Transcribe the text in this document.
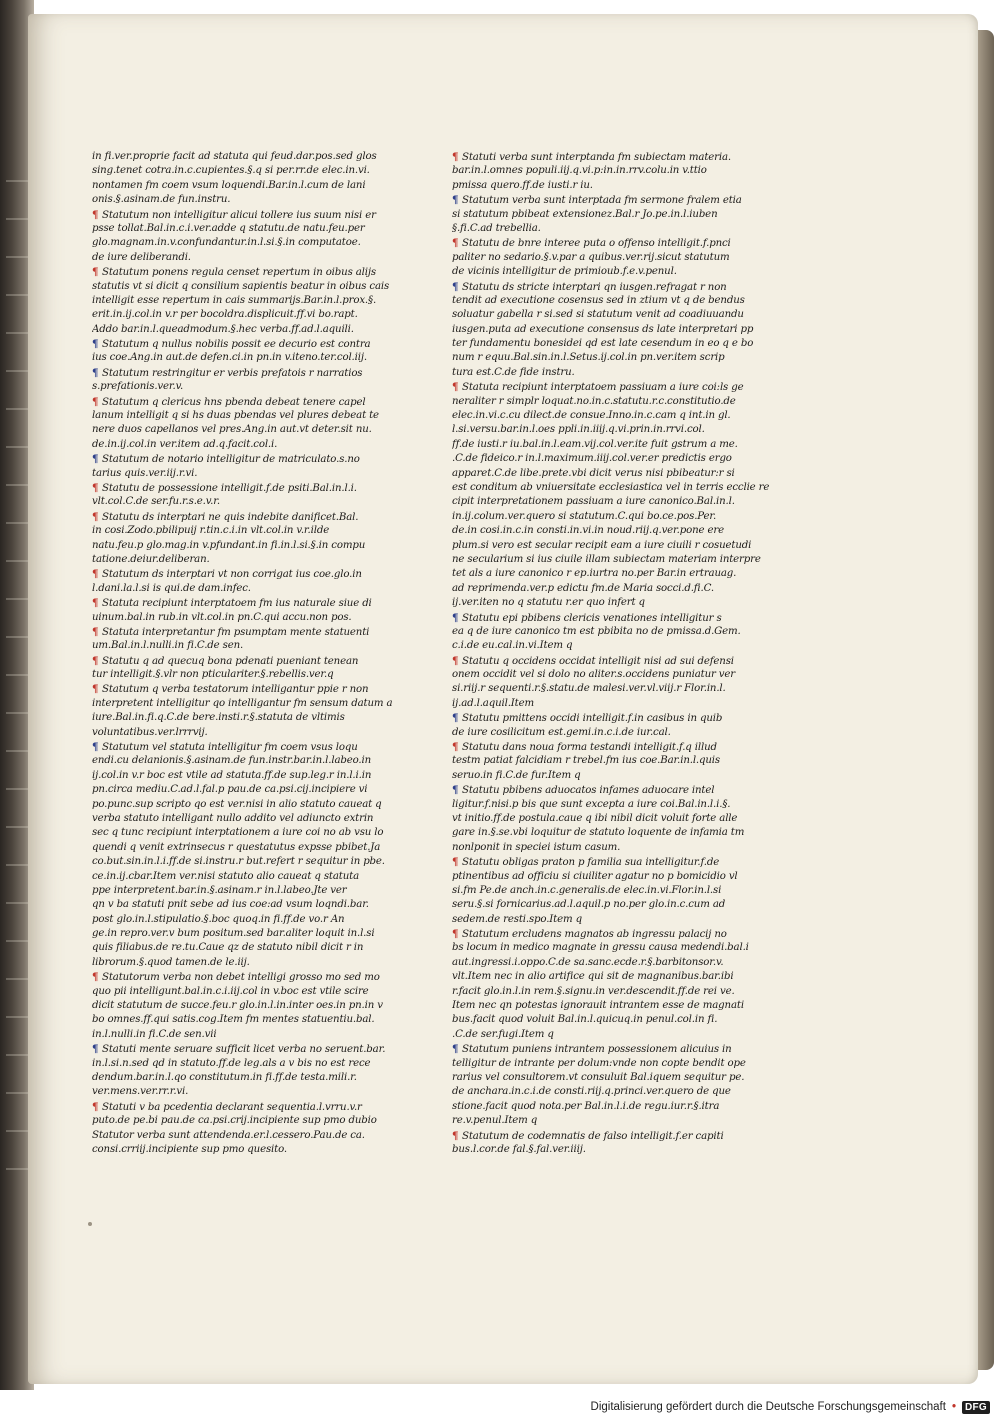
in fi.ver.proprie facit ad statuta qui feud.dar.pos.sed glos
sing.tenet cotra.in.c.cupientes.§.q si per.rr.de elec.in.vi.
nontamen fm coem vsum loquendi.Bar.in.l.cum de lani
onis.§.asinam.de fun.instru.
¶ Statutum non intelligitur alicui tollere ius suum nisi er
psse tollat.Bal.in.c.i.ver.adde q statutu.de natu.feu.per
glo.magnam.in.v.confundantur.in.l.si.§.in computatoe.
de iure deliberandi.
¶ Statutum ponens regula censet repertum in oibus alijs
statutis vt si dicit q consilium sapientis beatur in oibus cais
intelligit esse repertum in cais summarijs.Bar.in.l.prox.§.
erit.in.ij.col.in v.r per bocoldra.displicuit.ff.vi bo.rapt.
Addo bar.in.l.queadmodum.§.hec verba.ff.ad.l.aquili.
¶ Statutum q nullus nobilis possit ee decurio est contra
ius coe.Ang.in aut.de defen.ci.in pn.in v.iteno.ter.col.iij.
¶ Statutum restringitur er verbis prefatois r narratios
s.prefationis.ver.v.
¶ Statutum q clericus hns pbenda debeat tenere capel
lanum intelligit q si hs duas pbendas vel plures debeat te
nere duos capellanos vel pres.Ang.in aut.vt deter.sit nu.
de.in.ij.col.in ver.item ad.q.facit.col.i.
¶ Statutum de notario intelligitur de matriculato.s.no
tarius quis.ver.iij.r.vi.
¶ Statutu de possessione intelligit.f.de psiti.Bal.in.l.i.
vlt.col.C.de ser.fu.r.s.e.v.r.
¶ Statutu ds interptari ne quis indebite danificet.Bal.
in cosi.Zodo.pbilipuij r.tin.c.i.in vlt.col.in v.r.ilde
natu.feu.p glo.mag.in v.pfundant.in fi.in.l.si.§.in compu
tatione.deiur.deliberan.
¶ Statutum ds interptari vt non corrigat ius coe.glo.in
l.dani.la.l.si is qui.de dam.infec.
¶ Statuta recipiunt interptatoem fm ius naturale siue di
uinum.bal.in rub.in vlt.col.in pn.C.qui accu.non pos.
¶ Statuta interpretantur fm psumptam mente statuenti
um.Bal.in.l.nulli.in fi.C.de sen.
¶ Statutu q ad quecuq bona pdenati pueniant tenean
tur intelligit.§.vlr non pticulariter.§.rebellis.ver.q
¶ Statutum q verba testatorum intelligantur ppie r non
interpretent intelligitur qo intelligantur fm sensum datum a
iure.Bal.in.fi.q.C.de bere.insti.r.§.statuta de vltimis
voluntatibus.ver.lrrrvij.
¶ Statutum vel statuta intelligitur fm coem vsus loqu
endi.cu delanionis.§.asinam.de fun.instr.bar.in.l.labeo.in
ij.col.in v.r boc est vtile ad statuta.ff.de sup.leg.r in.l.i.in
pn.circa mediu.C.ad.l.fal.p pau.de ca.psi.cij.incipiere vi
po.punc.sup scripto qo est ver.nisi in alio statuto caueat q
verba statuto intelligant nullo addito vel adiuncto extrin
sec q tunc recipiunt interptationem a iure coi no ab vsu lo
quendi q venit extrinsecus r questatutus expsse pbibet.Ja
co.but.sin.in.l.i.ff.de si.instru.r but.refert r sequitur in pbe.
ce.in.ij.cbar.Item ver.nisi statuto alio caueat q statuta
ppe interpretent.bar.in.§.asinam.r in.l.labeo.Jte ver
qn v ba statuti pnit sebe ad ius coe:ad vsum loqndi.bar.
post glo.in.l.stipulatio.§.boc quoq.in fi.ff.de vo.r An
ge.in repro.ver.v bum positum.sed bar.aliter loquit in.l.si
quis filiabus.de re.tu.Caue qz de statuto nibil dicit r in
librorum.§.quod tamen.de le.iij.
¶ Statutorum verba non debet intelligi grosso mo sed mo
quo pii intelligunt.bal.in.c.i.iij.col in v.boc est vtile scire
dicit statutum de succe.feu.r glo.in.l.in.inter oes.in pn.in v
bo omnes.ff.qui satis.cog.Item fm mentes statuentiu.bal.
in.l.nulli.in fi.C.de sen.vii
¶ Statuti mente seruare sufficit licet verba no seruent.bar.
in.l.si.n.sed qd in statuto.ff.de leg.als a v bis no est rece
dendum.bar.in.l.qo constitutum.in fi.ff.de testa.mili.r.
ver.mens.ver.rr.r.vi.
¶ Statuti v ba pcedentia declarant sequentia.l.vrru.v.r
puto.de pe.bi pau.de ca.psi.crij.incipiente sup pmo dubio
Statutor verba sunt attendenda.er.l.cessero.Pau.de ca.
consi.crriij.incipiente sup pmo quesito.
¶ Statuti verba sunt interptanda fm subiectam materia.
bar.in.l.omnes populi.iij.q.vi.p:in.in.rrv.colu.in v.ttio
pmissa quero.ff.de iusti.r iu.
¶ Statutum verba sunt interptada fm sermone fralem etia
si statutum pbibeat extensionez.Bal.r Jo.pe.in.l.iuben
§.fi.C.ad trebellia.
¶ Statutu de bnre interee puta o offenso intelligit.f.pnci
paliter no sedario.§.v.par a quibus.ver.rij.sicut statutum
de vicinis intelligitur de primioub.f.e.v.penul.
¶ Statutu ds stricte interptari qn iusgen.refragat r non
tendit ad executione cosensus sed in ztium vt q de bendus
soluatur gabella r si.sed si statutum venit ad coadiuuandu
iusgen.puta ad executione consensus ds late interpretari pp
ter fundamentu bonesidei qd est late cesendum in eo q e bo
num r equu.Bal.sin.in.l.Setus.ij.col.in pn.ver.item scrip
tura est.C.de fide instru.
¶ Statuta recipiunt interptatoem passiuam a iure coi:ls ge
neraliter r simplr loquat.no.in.c.statutu.r.c.constitutio.de
elec.in.vi.c.cu dilect.de consue.Inno.in.c.cam q int.in gl.
l.si.versu.bar.in.l.oes ppli.in.iiij.q.vi.prin.in.rrvi.col.
ff.de iusti.r iu.bal.in.l.eam.vij.col.ver.ite fuit gstrum a me.
.C.de fideico.r in.l.maximum.iiij.col.ver.er predictis ergo
apparet.C.de libe.prete.vbi dicit verus nisi pbibeatur:r si
est conditum ab vniuersitate ecclesiastica vel in terris ecclie re
cipit interpretationem passiuam a iure canonico.Bal.in.l.
in.ij.colum.ver.quero si statutum.C.qui bo.ce.pos.Per.
de.in cosi.in.c.in consti.in.vi.in noud.riij.q.ver.pone ere
plum.si vero est secular recipit eam a iure ciuili r cosuetudi
ne secularium si ius ciuile illam subiectam materiam interpre
tet als a iure canonico r ep.iurtra no.per Bar.in ertrauag.
ad reprimenda.ver.p edictu fm.de Maria socci.d.fi.C.
ij.ver.iten no q statutu r.er quo infert q
¶ Statutu epi pbibens clericis venationes intelligitur s
ea q de iure canonico tm est pbibita no de pmissa.d.Gem.
c.i.de eu.cal.in.vi.Item q
¶ Statutu q occidens occidat intelligit nisi ad sui defensi
onem occidit vel si dolo no aliter.s.occidens puniatur ver
si.riij.r sequenti.r.§.statu.de malesi.ver.vl.viij.r Flor.in.l.
ij.ad.l.aquil.Item
¶ Statutu pmittens occidi intelligit.f.in casibus in quib
de iure cosilicitum est.gemi.in.c.i.de iur.cal.
¶ Statutu dans noua forma testandi intelligit.f.q illud
testm patiat falcidiam r trebel.fm ius coe.Bar.in.l.quis
seruo.in fi.C.de fur.Item q
¶ Statutu pbibens aduocatos infames aduocare intel
ligitur.f.nisi.p bis que sunt excepta a iure coi.Bal.in.l.i.§.
vt initio.ff.de postula.caue q ibi nibil dicit voluit forte alle
gare in.§.se.vbi loquitur de statuto loquente de infamia tm
nonlponit in speciei istum casum.
¶ Statutu obligas praton p familia sua intelligitur.f.de
ptinentibus ad officiu si ciuiliter agatur no p bomicidio vl
si.fm Pe.de anch.in.c.generalis.de elec.in.vi.Flor.in.l.si
seru.§.si fornicarius.ad.l.aquil.p no.per glo.in.c.cum ad
sedem.de resti.spo.Item q
¶ Statutum ercludens magnatos ab ingressu palacij no
bs locum in medico magnate in gressu causa medendi.bal.i
aut.ingressi.i.oppo.C.de sa.sanc.ecde.r.§.barbitonsor.v.
vlt.Item nec in alio artifice qui sit de magnanibus.bar.ibi
r.facit glo.in.l.in rem.§.signu.in ver.descendit.ff.de rei ve.
Item nec qn potestas ignorauit intrantem esse de magnati
bus.facit quod voluit Bal.in.l.quicuq.in penul.col.in fi.
.C.de ser.fugi.Item q
¶ Statutum puniens intrantem possessionem alicuius in
telligitur de intrante per dolum:vnde non copte bendit ope
rarius vel consultorem.vt consuluit Bal.iquem sequitur pe.
de anchara.in.c.i.de consti.riij.q.princi.ver.quero de que
stione.facit quod nota.per Bal.in.l.i.de regu.iur.r.§.itra
re.v.penul.Item q
¶ Statutum de codemnatis de falso intelligit.f.er capiti
bus.l.cor.de fal.§.fal.ver.iiij.
Digitalisierung gefördert durch die Deutsche Forschungsgemeinschaft • DFG
